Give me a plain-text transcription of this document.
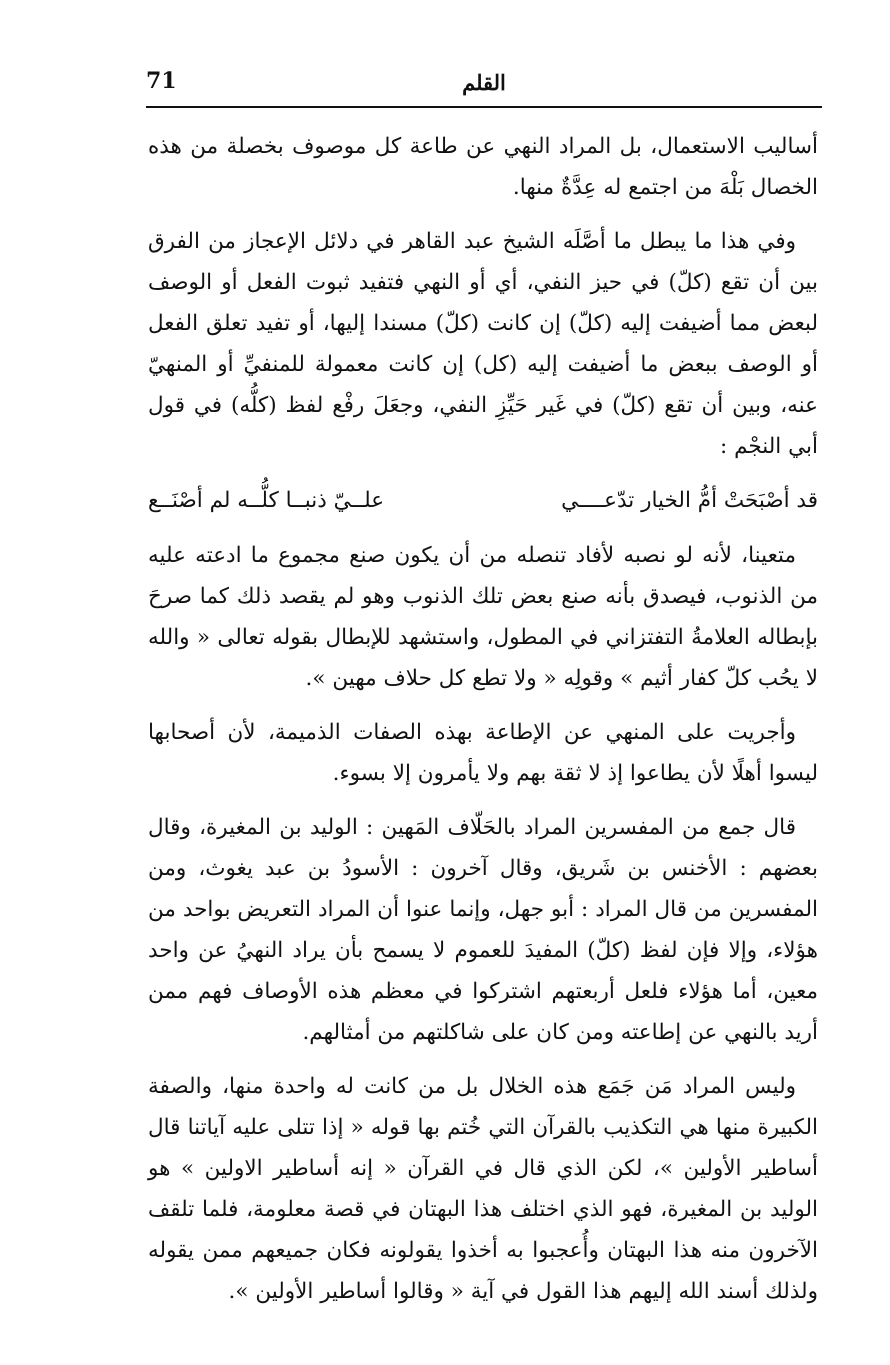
71	القلم

أساليب الاستعمال، بل المراد النهي عن طاعة كل موصوف بخصلة من هذه الخصال بَلْهَ من اجتمع له عِدَّةٌ منها.

وفي هذا ما يبطل ما أصَّلَه الشيخ عبد القاهر في دلائل الإعجاز من الفرق بين أن تقع (كلّ) في حيز النفي، أي أو النهي فتفيد ثبوت الفعل أو الوصف لبعض مما أضيفت إليه (كلّ) إن كانت (كلّ) مسندا إليها، أو تفيد تعلق الفعل أو الوصف ببعض ما أضيفت إليه (كل) إن كانت معمولة للمنفيِّ أو المنهيّ عنه، وبين أن تقع (كلّ) في غَير حَيِّزِ النفي، وجعَلَ رفْع لفظ (كلُّه) في قول أبي النجْم :

قد أصْبَحَتْ أمُّ الخيار تدّعــــي
علــيّ ذنبــا كلُّــه لم أصْنَــع

متعينا، لأنه لو نصبه لأفاد تنصله من أن يكون صنع مجموع ما ادعته عليه من الذنوب، فيصدق بأنه صنع بعض تلك الذنوب وهو لم يقصد ذلك كما صرحَ بإبطاله العلامةُ التفتزاني في المطول، واستشهد للإبطال بقوله تعالى « والله لا يحُب كلّ كفار أثيم » وقولِه « ولا تطع كل حلاف مهين ».

وأجريت على المنهي عن الإطاعة بهذه الصفات الذميمة، لأن أصحابها ليسوا أهلًا لأن يطاعوا إذ لا ثقة بهم ولا يأمرون إلا بسوء.

قال جمع من المفسرين المراد بالحَلّاف المَهين : الوليد بن المغيرة، وقال بعضهم : الأخنس بن شَريق، وقال آخرون : الأسودُ بن عبد يغوث، ومن المفسرين من قال المراد : أبو جهل، وإنما عنوا أن المراد التعريض بواحد من هؤلاء، وإلا فإن لفظ (كلّ) المفيدَ للعموم لا يسمح بأن يراد النهيُ عن واحد معين، أما هؤلاء فلعل أربعتهم اشتركوا في معظم هذه الأوصاف فهم ممن أريد بالنهي عن إطاعته ومن كان على شاكلتهم من أمثالهم.

وليس المراد مَن جَمَع هذه الخلال بل من كانت له واحدة منها، والصفة الكبيرة منها هي التكذيب بالقرآن التي خُتم بها قوله « إذا تتلى عليه آياتنا قال أساطير الأولين »، لكن الذي قال في القرآن « إنه أساطير الاولين » هو الوليد بن المغيرة، فهو الذي اختلف هذا البهتان في قصة معلومة، فلما تلقف الآخرون منه هذا البهتان وأُعجبوا به أخذوا يقولونه فكان جميعهم ممن يقوله ولذلك أسند الله إليهم هذا القول في آية « وقالوا أساطير الأولين ».
